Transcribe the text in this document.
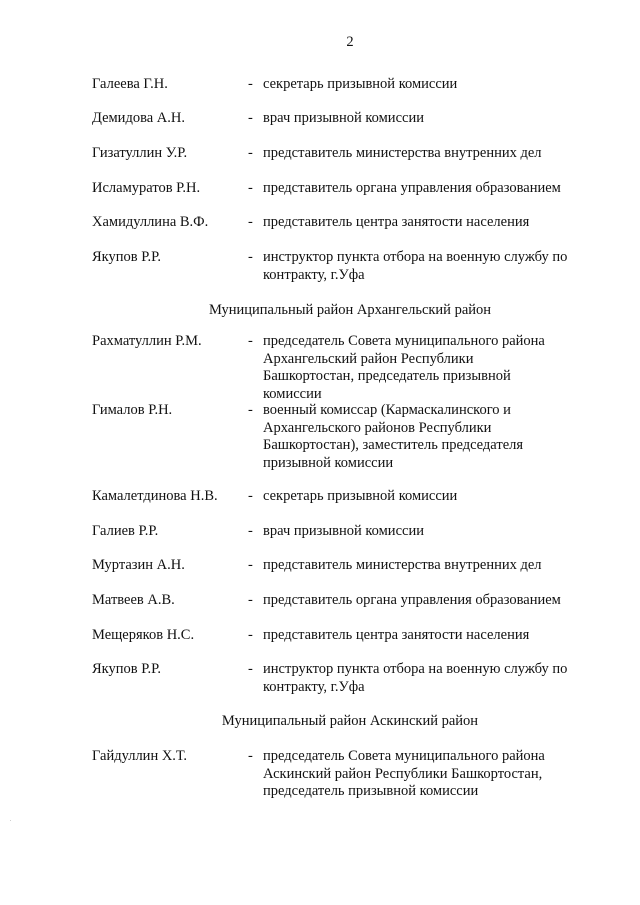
2
Галеева Г.Н.	- секретарь призывной комиссии
Демидова А.Н.	- врач призывной комиссии
Гизатуллин У.Р.	- представитель министерства внутренних дел
Исламуратов Р.Н.	- представитель органа управления образованием
Хамидуллина В.Ф.	- представитель центра занятости населения
Якупов Р.Р.	- инструктор пункта отбора на военную службу по контракту, г.Уфа
Муниципальный район Архангельский район
Рахматуллин Р.М.	- председатель Совета муниципального района Архангельский район Республики Башкортостан, председатель призывной комиссии
Гималов Р.Н.	- военный комиссар (Кармаскалинского и Архангельского районов Республики Башкортостан), заместитель председателя призывной комиссии
Камалетдинова Н.В. - секретарь призывной комиссии
Галиев Р.Р.	- врач призывной комиссии
Муртазин А.Н.	- представитель министерства внутренних дел
Матвеев А.В.	- представитель органа управления образованием
Мещеряков Н.С.	- представитель центра занятости населения
Якупов Р.Р.	- инструктор пункта отбора на военную службу по контракту, г.Уфа
Муниципальный район Аскинский район
Гайдуллин Х.Т.	- председатель Совета муниципального района Аскинский район Республики Башкортостан, председатель призывной комиссии
